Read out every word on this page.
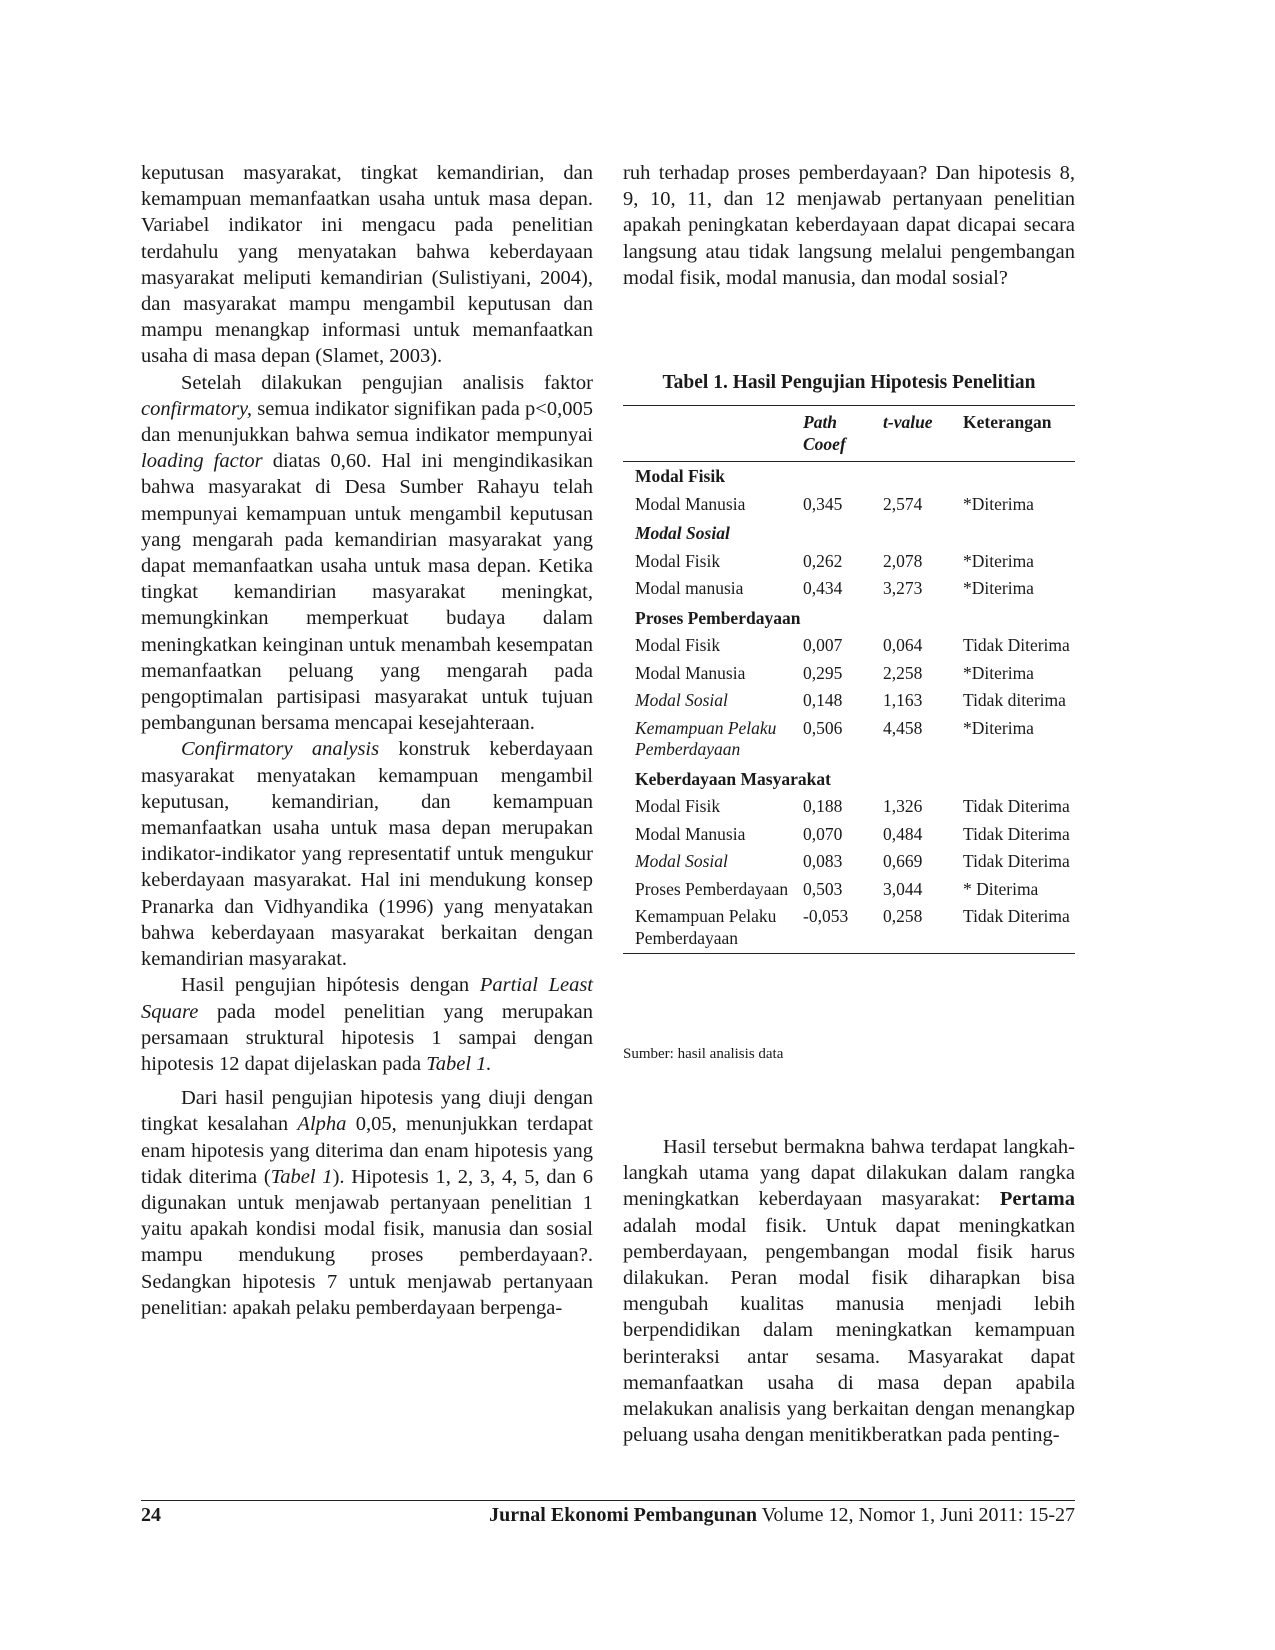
keputusan masyarakat, tingkat kemandirian, dan kemampuan memanfaatkan usaha untuk masa depan. Variabel indikator ini mengacu pada penelitian terdahulu yang menyatakan bahwa keberdayaan masyarakat meliputi kemandirian (Sulistiyani, 2004), dan masyarakat mampu mengambil keputusan dan mampu menangkap informasi untuk memanfaatkan usaha di masa depan (Slamet, 2003).

Setelah dilakukan pengujian analisis faktor confirmatory, semua indikator signifikan pada p<0,005 dan menunjukkan bahwa semua indikator mempunyai loading factor diatas 0,60. Hal ini mengindikasikan bahwa masyarakat di Desa Sumber Rahayu telah mempunyai kemampuan untuk mengambil keputusan yang mengarah pada kemandirian masyarakat yang dapat memanfaatkan usaha untuk masa depan. Ketika tingkat kemandirian masyarakat meningkat, memungkinkan memperkuat budaya dalam meningkatkan keinginan untuk menambah kesempatan memanfaatkan peluang yang mengarah pada pengoptimalan partisipasi masyarakat untuk tujuan pembangunan bersama mencapai kesejahteraan.

Confirmatory analysis konstruk keberdayaan masyarakat menyatakan kemampuan mengambil keputusan, kemandirian, dan kemampuan memanfaatkan usaha untuk masa depan merupakan indikator-indikator yang representatif untuk mengukur keberdayaan masyarakat. Hal ini mendukung konsep Pranarka dan Vidhyandika (1996) yang menyatakan bahwa keberdayaan masyarakat berkaitan dengan kemandirian masyarakat.

Hasil pengujian hipótesis dengan Partial Least Square pada model penelitian yang merupakan persamaan struktural hipotesis 1 sampai dengan hipotesis 12 dapat dijelaskan pada Tabel 1.

Dari hasil pengujian hipotesis yang diuji dengan tingkat kesalahan Alpha 0,05, menunjukkan terdapat enam hipotesis yang diterima dan enam hipotesis yang tidak diterima (Tabel 1). Hipotesis 1, 2, 3, 4, 5, dan 6 digunakan untuk menjawab pertanyaan penelitian 1 yaitu apakah kondisi modal fisik, manusia dan sosial mampu mendukung proses pemberdayaan?. Sedangkan hipotesis 7 untuk menjawab pertanyaan penelitian: apakah pelaku pemberdayaan berpenga-

ruh terhadap proses pemberdayaan? Dan hipotesis 8, 9, 10, 11, dan 12 menjawab pertanyaan penelitian apakah peningkatan keberdayaan dapat dicapai secara langsung atau tidak langsung melalui pengembangan modal fisik, modal manusia, dan modal sosial?

Tabel 1. Hasil Pengujian Hipotesis Penelitian
	Path Cooef	t-value	Keterangan
Modal Fisik			
Modal Manusia	0,345	2,574	*Diterima
Modal Sosial			
Modal Fisik	0,262	2,078	*Diterima
Modal manusia	0,434	3,273	*Diterima
Proses Pemberdayaan			
Modal Fisik	0,007	0,064	Tidak Diterima
Modal Manusia	0,295	2,258	*Diterima
Modal Sosial	0,148	1,163	Tidak diterima
Kemampuan Pelaku Pemberdayaan	0,506	4,458	*Diterima
Keberdayaan Masyarakat			
Modal Fisik	0,188	1,326	Tidak Diterima
Modal Manusia	0,070	0,484	Tidak Diterima
Modal Sosial	0,083	0,669	Tidak Diterima
Proses Pemberdayaan	0,503	3,044	* Diterima
Kemampuan Pelaku Pemberdayaan	-0,053	0,258	Tidak Diterima
Sumber: hasil analisis data

Hasil tersebut bermakna bahwa terdapat langkah-langkah utama yang dapat dilakukan dalam rangka meningkatkan keberdayaan masyarakat: Pertama adalah modal fisik. Untuk dapat meningkatkan pemberdayaan, pengembangan modal fisik harus dilakukan. Peran modal fisik diharapkan bisa mengubah kualitas manusia menjadi lebih berpendidikan dalam meningkatkan kemampuan berinteraksi antar sesama. Masyarakat dapat memanfaatkan usaha di masa depan apabila melakukan analisis yang berkaitan dengan menangkap peluang usaha dengan menitikberatkan pada penting-

24	Jurnal Ekonomi Pembangunan Volume 12, Nomor 1, Juni 2011: 15-27
